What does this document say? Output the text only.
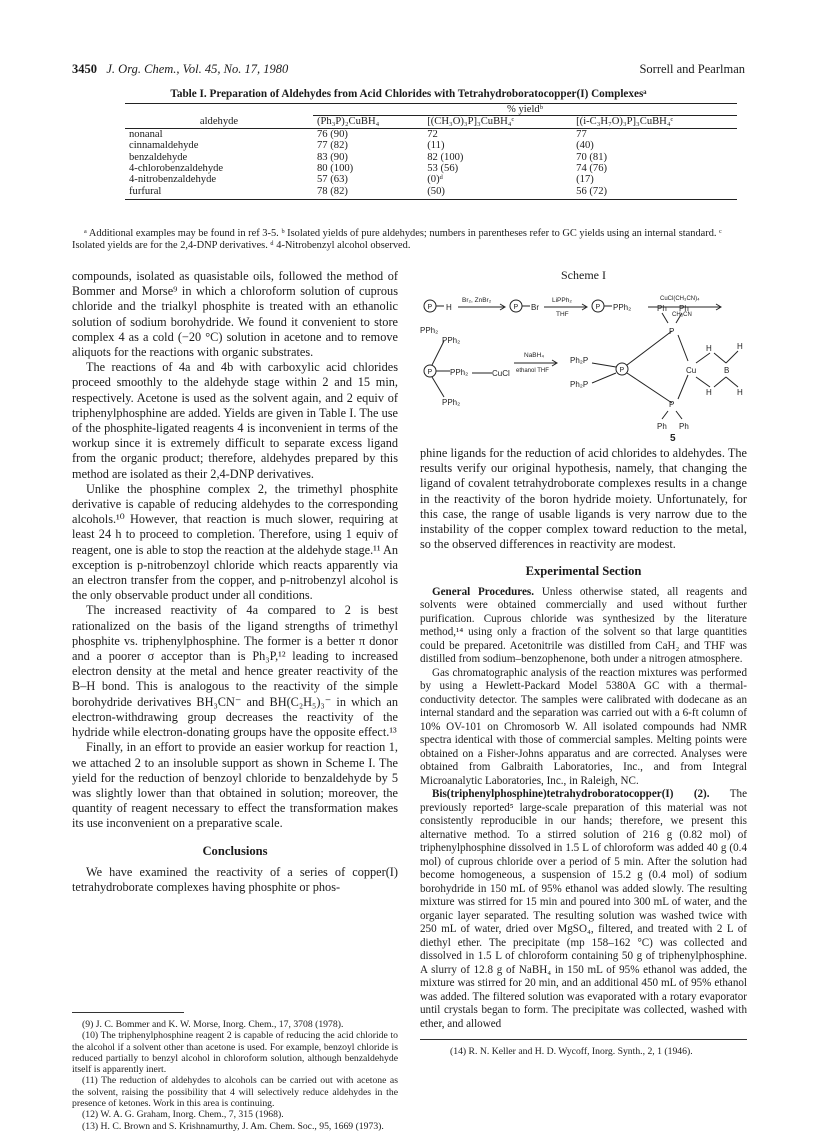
3450 J. Org. Chem., Vol. 45, No. 17, 1980	Sorrell and Pearlman
Table I. Preparation of Aldehydes from Acid Chlorides with Tetrahydroboratocopper(I) Complexesᵃ
	% yieldᵇ		
aldehyde	(Ph₃P)₂CuBH₄	[(CH₃O)₃P]₃CuBH₄ᶜ	[(i-C₃H₇O)₃P]₃CuBH₄ᶜ
nonanal	76 (90)	72	77
cinnamaldehyde	77 (82)	(11)	(40)
benzaldehyde	83 (90)	82 (100)	70 (81)
4-chlorobenzaldehyde	80 (100)	53 (56)	74 (76)
4-nitrobenzaldehyde	57 (63)	(0)ᵈ	(17)
furfural	78 (82)	(50)	56 (72)
ᵃ Additional examples may be found in ref 3-5. ᵇ Isolated yields of pure aldehydes; numbers in parentheses refer to GC yields using an internal standard. ᶜ Isolated yields are for the 2,4-DNP derivatives. ᵈ 4-Nitrobenzyl alcohol observed.

compounds, isolated as quasistable oils, followed the method of Bommer and Morse⁹ in which a chloroform solution of cuprous chloride and the trialkyl phosphite is treated with an ethanolic solution of sodium borohydride. We found it convenient to store complex 4 as a cold (−20 °C) solution in acetone and to remove aliquots for the reactions with organic substrates.

The reactions of 4a and 4b with carboxylic acid chlorides proceed smoothly to the aldehyde stage within 2 and 15 min, respectively. Acetone is used as the solvent again, and 2 equiv of triphenylphosphine are added. Yields are given in Table I. The use of the phosphite-ligated reagents 4 is inconvenient in terms of the workup since it is extremely difficult to separate excess ligand from the organic product; therefore, aldehydes prepared by this method are isolated as their 2,4-DNP derivatives.

Unlike the phosphine complex 2, the trimethyl phosphite derivative is capable of reducing aldehydes to the corresponding alcohols.¹⁰ However, that reaction is much slower, requiring at least 24 h to proceed to completion. Therefore, using 1 equiv of reagent, one is able to stop the reaction at the aldehyde stage.¹¹ An exception is p-nitrobenzoyl chloride which reacts apparently via an electron transfer from the copper, and p-nitrobenzyl alcohol is the only observable product under all conditions.

The increased reactivity of 4a compared to 2 is best rationalized on the basis of the ligand strengths of trimethyl phosphite vs. triphenylphosphine. The former is a better π donor and a poorer σ acceptor than is Ph₃P,¹² leading to increased electron density at the metal and hence greater reactivity of the B–H bond. This is analogous to the reactivity of the simple borohydride derivatives BH₃CN⁻ and BH(C₂H₅)₃⁻ in which an electron-withdrawing group decreases the reactivity of the hydride while electron-donating groups have the opposite effect.¹³

Finally, in an effort to provide an easier workup for reaction 1, we attached 2 to an insoluble support as shown in Scheme I. The yield for the reduction of benzoyl chloride to benzaldehyde by 5 was slightly lower than that obtained in solution; moreover, the quantity of reagent necessary to effect the transformation makes its use inconvenient on a preparative scale.

Conclusions

We have examined the reactivity of a series of copper(I) tetrahydroborate complexes having phosphite or phos-

Scheme I
P H
Br₂, ZnBr₂
P Br
LiPPh₂
THF
P PPh₂
CuCl(CH₃CN)₄
CH₃CN
P
PPh₂
PPh₂
PPh₂	CuCl
PPh₂
NaBH₄
ethanol THF
Ph₂P
Ph₂P
P
P
P
Ph Ph
Ph Ph
Cu
H
H
B
H
H
5

phine ligands for the reduction of acid chlorides to aldehydes. The results verify our original hypothesis, namely, that changing the ligand of covalent tetrahydroborate complexes results in a change in the reactivity of the boron hydride moiety. Unfortunately, for this case, the range of usable ligands is very narrow due to the instability of the copper complex toward reduction to the metal, so the observed differences in reactivity are modest.

Experimental Section

General Procedures. Unless otherwise stated, all reagents and solvents were obtained commercially and used without further purification. Cuprous chloride was synthesized by the literature method,¹⁴ using only a fraction of the solvent so that large quantities could be prepared. Acetonitrile was distilled from CaH₂ and THF was distilled from sodium–benzophenone, both under a nitrogen atmosphere.

Gas chromatographic analysis of the reaction mixtures was performed by using a Hewlett-Packard Model 5380A GC with a thermal-conductivity detector. The samples were calibrated with dodecane as an internal standard and the separation was carried out with a 6-ft column of 10% OV-101 on Chromosorb W. All isolated compounds had NMR spectra identical with those of commercial samples. Melting points were obtained on a Fisher-Johns apparatus and are corrected. Analyses were obtained from Galbraith Laboratories, Inc., and from Integral Microanalytic Laboratories, Inc., in Raleigh, NC.

Bis(triphenylphosphine)tetrahydroboratocopper(I) (2). The previously reported⁵ large-scale preparation of this material was not consistently reproducible in our hands; therefore, we present this alternative method. To a stirred solution of 216 g (0.82 mol) of triphenylphosphine dissolved in 1.5 L of chloroform was added 40 g (0.4 mol) of cuprous chloride over a period of 5 min. After the solution had become homogeneous, a suspension of 15.2 g (0.4 mol) of sodium borohydride in 150 mL of 95% ethanol was added slowly. The resulting mixture was stirred for 15 min and poured into 300 mL of water, and the organic layer separated. The resulting solution was washed twice with 250 mL of water, dried over MgSO₄, filtered, and treated with 2 L of diethyl ether. The precipitate (mp 158–162 °C) was collected and dissolved in 1.5 L of chloroform containing 50 g of triphenylphosphine. A slurry of 12.8 g of NaBH₄ in 150 mL of 95% ethanol was added, the mixture was stirred for 20 min, and an additional 450 mL of 95% ethanol was added. The filtered solution was evaporated with a rotary evaporator until crystals began to form. The precipitate was collected, washed with ether, and allowed

(9) J. C. Bommer and K. W. Morse, Inorg. Chem., 17, 3708 (1978).

(10) The triphenylphosphine reagent 2 is capable of reducing the acid chloride to the alcohol if a solvent other than acetone is used. For example, benzoyl chloride is reduced partially to benzyl alcohol in chloroform solution, although benzaldehyde itself is apparently inert.

(11) The reduction of aldehydes to alcohols can be carried out with acetone as the solvent, raising the possibility that 4 will selectively reduce aldehydes in the presence of ketones. Work in this area is continuing.

(12) W. A. G. Graham, Inorg. Chem., 7, 315 (1968).

(13) H. C. Brown and S. Krishnamurthy, J. Am. Chem. Soc., 95, 1669 (1973).

(14) R. N. Keller and H. D. Wycoff, Inorg. Synth., 2, 1 (1946).
